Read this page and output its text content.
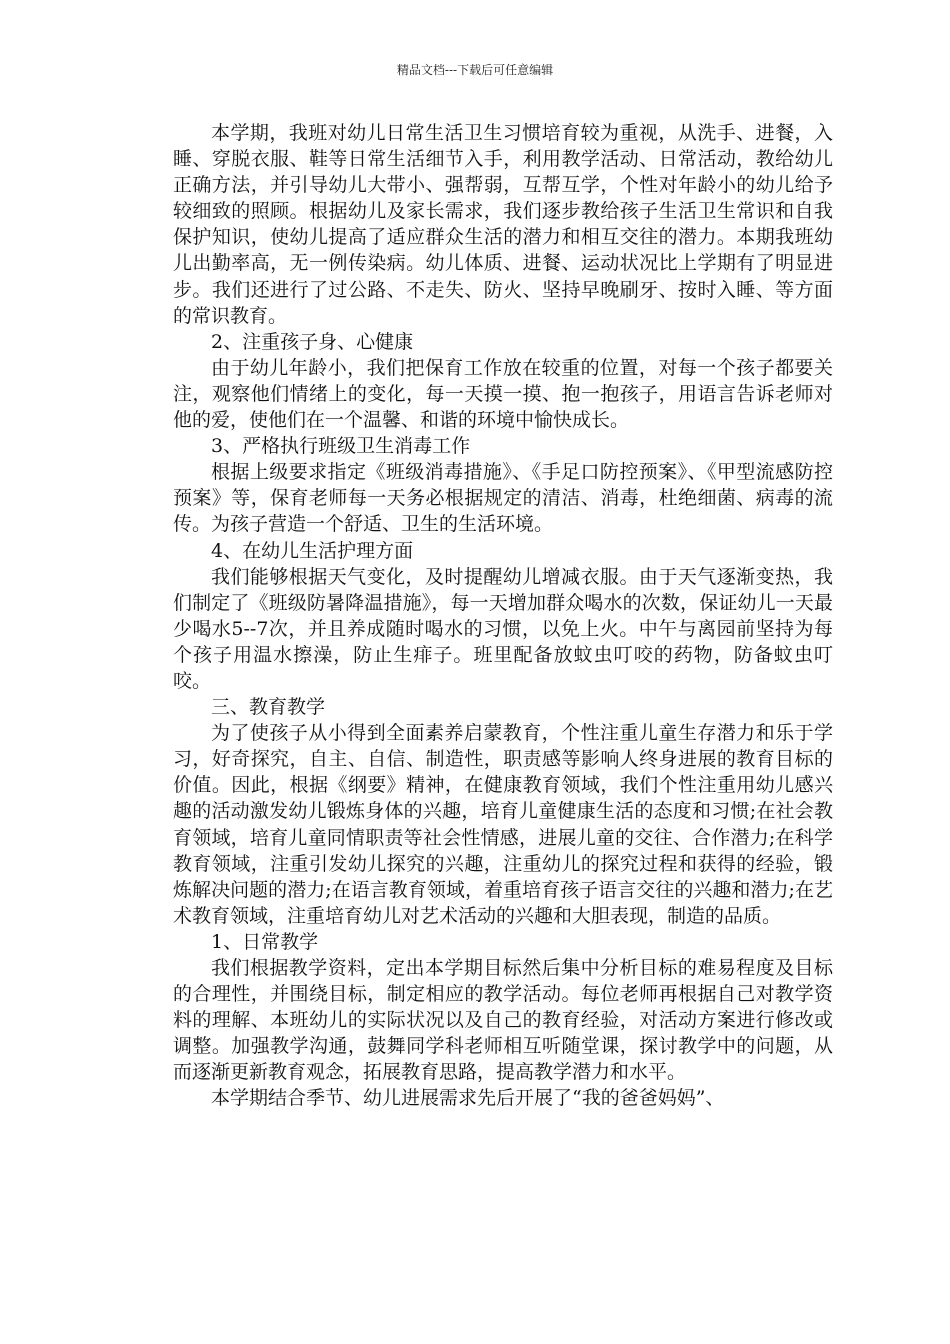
精品文档---下载后可任意编辑

本学期，我班对幼儿日常生活卫生习惯培育较为重视，从洗手、进餐，入睡、穿脱衣服、鞋等日常生活细节入手，利用教学活动、日常活动，教给幼儿正确方法，并引导幼儿大带小、强帮弱，互帮互学，个性对年龄小的幼儿给予较细致的照顾。根据幼儿及家长需求，我们逐步教给孩子生活卫生常识和自我保护知识，使幼儿提高了适应群众生活的潜力和相互交往的潜力。本期我班幼儿出勤率高，无一例传染病。幼儿体质、进餐、运动状况比上学期有了明显进步。我们还进行了过公路、不走失、防火、坚持早晚刷牙、按时入睡、等方面的常识教育。

2、注重孩子身、心健康

由于幼儿年龄小，我们把保育工作放在较重的位置，对每一个孩子都要关注，观察他们情绪上的变化，每一天摸一摸、抱一抱孩子，用语言告诉老师对他的爱，使他们在一个温馨、和谐的环境中愉快成长。

3、严格执行班级卫生消毒工作

根据上级要求指定《班级消毒措施》、《手足口防控预案》、《甲型流感防控预案》等，保育老师每一天务必根据规定的清洁、消毒，杜绝细菌、病毒的流传。为孩子营造一个舒适、卫生的生活环境。

4、在幼儿生活护理方面

我们能够根据天气变化，及时提醒幼儿增减衣服。由于天气逐渐变热，我们制定了《班级防暑降温措施》，每一天增加群众喝水的次数，保证幼儿一天最少喝水5--7次，并且养成随时喝水的习惯，以免上火。中午与离园前坚持为每个孩子用温水擦澡，防止生痱子。班里配备放蚊虫叮咬的药物，防备蚊虫叮咬。

三、教育教学

为了使孩子从小得到全面素养启蒙教育，个性注重儿童生存潜力和乐于学习，好奇探究，自主、自信、制造性，职责感等影响人终身进展的教育目标的价值。因此，根据《纲要》精神，在健康教育领域，我们个性注重用幼儿感兴趣的活动激发幼儿锻炼身体的兴趣，培育儿童健康生活的态度和习惯;在社会教育领域，培育儿童同情职责等社会性情感，进展儿童的交往、合作潜力;在科学教育领域，注重引发幼儿探究的兴趣，注重幼儿的探究过程和获得的经验，锻炼解决问题的潜力;在语言教育领域，着重培育孩子语言交往的兴趣和潜力;在艺术教育领域，注重培育幼儿对艺术活动的兴趣和大胆表现，制造的品质。

1、日常教学

我们根据教学资料，定出本学期目标然后集中分析目标的难易程度及目标的合理性，并围绕目标，制定相应的教学活动。每位老师再根据自己对教学资料的理解、本班幼儿的实际状况以及自己的教育经验，对活动方案进行修改或调整。加强教学沟通，鼓舞同学科老师相互听随堂课，探讨教学中的问题，从而逐渐更新教育观念，拓展教育思路，提高教学潜力和水平。

本学期结合季节、幼儿进展需求先后开展了“我的爸爸妈妈”、
